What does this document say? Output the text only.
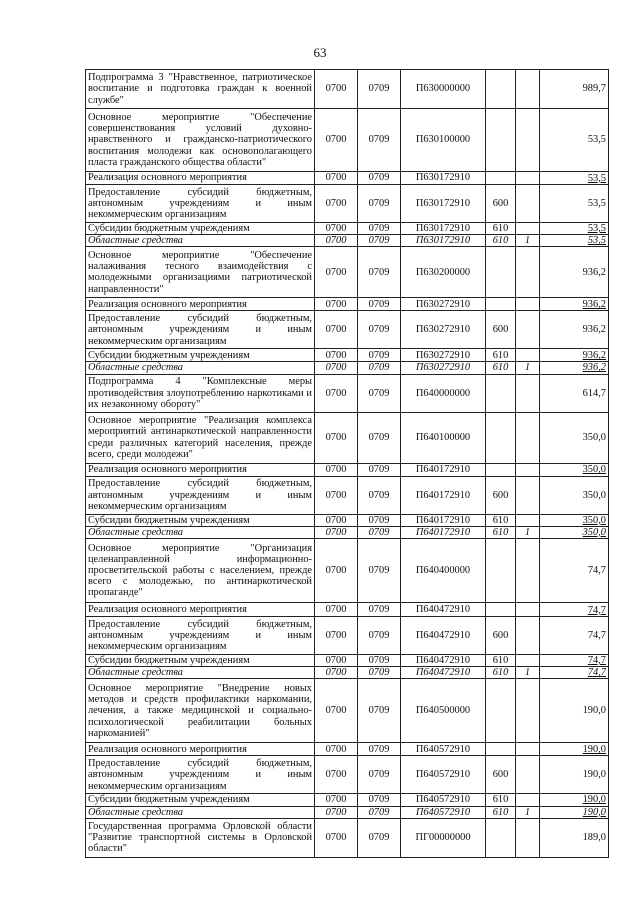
63
Подпрограмма 3 "Нравственное, патриотическое воспитание и подготовка граждан к военной службе"	0700	0709	П630000000			989,7
Основное мероприятие "Обеспечение совершенствования условий духовно-нравственного и гражданско-патриотического воспитания молодежи как основополагающего пласта гражданского общества области"	0700	0709	П630100000			53,5
Реализация основного мероприятия	0700	0709	П630172910			53,5
Предоставление субсидий бюджетным, автономным учреждениям и иным некоммерческим организациям	0700	0709	П630172910	600		53,5
Субсидии бюджетным учреждениям	0700	0709	П630172910	610		53,5
Областные средства	0700	0709	П630172910	610	1	53,5
Основное мероприятие "Обеспечение налаживания тесного взаимодействия с молодежными организациями патриотической направленности"	0700	0709	П630200000			936,2
Реализация основного мероприятия	0700	0709	П630272910			936,2
Предоставление субсидий бюджетным, автономным учреждениям и иным некоммерческим организациям	0700	0709	П630272910	600		936,2
Субсидии бюджетным учреждениям	0700	0709	П630272910	610		936,2
Областные средства	0700	0709	П630272910	610	1	936,2
Подпрограмма 4 "Комплексные меры противодействия злоупотреблению наркотиками и их незаконному обороту"	0700	0709	П640000000			614,7
Основное мероприятие "Реализация комплекса мероприятий антинаркотической направленности среди различных категорий населения, прежде всего, среди молодежи"	0700	0709	П640100000			350,0
Реализация основного мероприятия	0700	0709	П640172910			350,0
Предоставление субсидий бюджетным, автономным учреждениям и иным некоммерческим организациям	0700	0709	П640172910	600		350,0
Субсидии бюджетным учреждениям	0700	0709	П640172910	610		350,0
Областные средства	0700	0709	П640172910	610	1	350,0
Основное мероприятие "Организация целенаправленной информационно-просветительской работы с населением, прежде всего с молодежью, по антинаркотической пропаганде"	0700	0709	П640400000			74,7
Реализация основного мероприятия	0700	0709	П640472910			74,7
Предоставление субсидий бюджетным, автономным учреждениям и иным некоммерческим организациям	0700	0709	П640472910	600		74,7
Субсидии бюджетным учреждениям	0700	0709	П640472910	610		74,7
Областные средства	0700	0709	П640472910	610	1	74,7
Основное мероприятие "Внедрение новых методов и средств профилактики наркомании, лечения, а также медицинской и социально-психологической реабилитации больных наркоманией"	0700	0709	П640500000			190,0
Реализация основного мероприятия	0700	0709	П640572910			190,0
Предоставление субсидий бюджетным, автономным учреждениям и иным некоммерческим организациям	0700	0709	П640572910	600		190,0
Субсидии бюджетным учреждениям	0700	0709	П640572910	610		190,0
Областные средства	0700	0709	П640572910	610	1	190,0
Государственная программа Орловской области "Развитие транспортной системы в Орловской области"	0700	0709	ПГ00000000			189,0
